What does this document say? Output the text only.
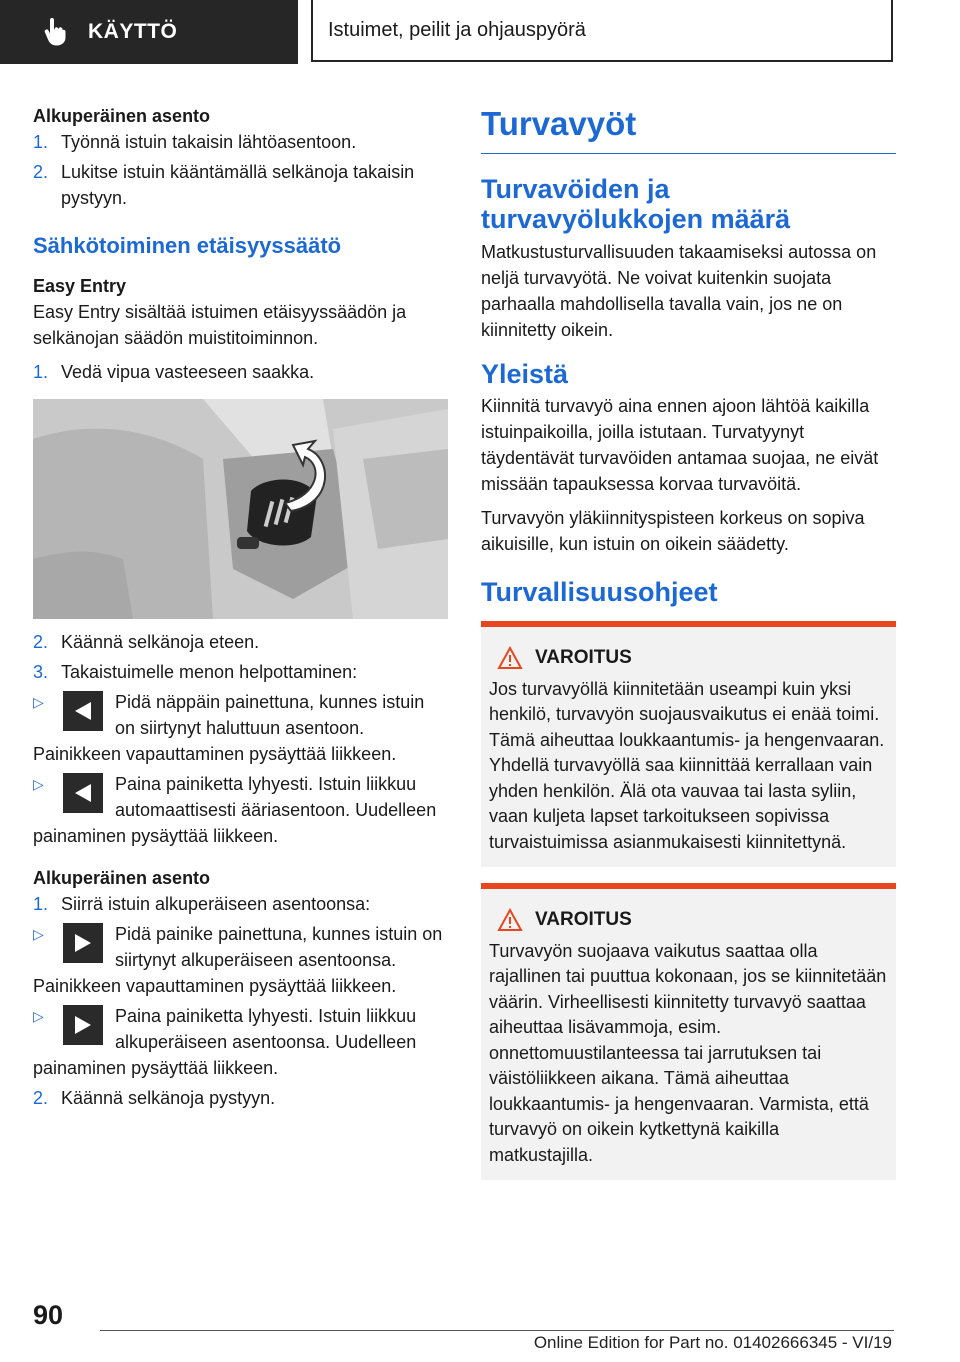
KÄYTTÖ	Istuimet, peilit ja ohjauspyörä

Alkuperäinen asento

1. Työnnä istuin takaisin lähtöasentoon.
2. Lukitse istuin kääntämällä selkänoja takaisin pystyyn.

Sähkötoiminen etäisyyssäätö

Easy Entry

Easy Entry sisältää istuimen etäisyyssäädön ja selkänojan säädön muistitoiminnon.

1. Vedä vipua vasteeseen saakka.
2. Käännä selkänoja eteen.
3. Takaistuimelle menon helpottaminen:
▷	Pidä näppäin painettuna, kunnes istuin on siirtynyt haluttuun asentoon. Painikkeen vapauttaminen pysäyttää liikkeen.
▷	Paina painiketta lyhyesti. Istuin liikkuu automaattisesti ääriasentoon. Uudelleen painaminen pysäyttää liikkeen.

Alkuperäinen asento

1. Siirrä istuin alkuperäiseen asentoonsa:
▷	Pidä painike painettuna, kunnes istuin on siirtynyt alkuperäiseen asentoonsa. Painikkeen vapauttaminen pysäyttää liikkeen.
▷	Paina painiketta lyhyesti. Istuin liikkuu alkuperäiseen asentoonsa. Uudelleen painaminen pysäyttää liikkeen.
2. Käännä selkänoja pystyyn.

Turvavyöt

Turvavöiden ja turvavyölukkojen määrä

Matkustusturvallisuuden takaamiseksi autossa on neljä turvavyötä. Ne voivat kuitenkin suojata parhaalla mahdollisella tavalla vain, jos ne on kiinnitetty oikein.

Yleistä

Kiinnitä turvavyö aina ennen ajoon lähtöä kaikilla istuinpaikoilla, joilla istutaan. Turvatyynyt täydentävät turvavöiden antamaa suojaa, ne eivät missään tapauksessa korvaa turvavöitä.

Turvavyön yläkiinnityspisteen korkeus on sopiva aikuisille, kun istuin on oikein säädetty.

Turvallisuusohjeet

VAROITUS

Jos turvavyöllä kiinnitetään useampi kuin yksi henkilö, turvavyön suojausvaikutus ei enää toimi. Tämä aiheuttaa loukkaantumis- ja hengenvaaran. Yhdellä turvavyöllä saa kiinnittää kerrallaan vain yhden henkilön. Älä ota vauvaa tai lasta syliin, vaan kuljeta lapset tarkoitukseen sopivissa turvaistuimissa asianmukaisesti kiinnitettynä.

VAROITUS

Turvavyön suojaava vaikutus saattaa olla rajallinen tai puuttua kokonaan, jos se kiinnitetään väärin. Virheellisesti kiinnitetty turvavyö saattaa aiheuttaa lisävammoja, esim. onnettomuustilanteessa tai jarrutuksen tai väistöliikkeen aikana. Tämä aiheuttaa loukkaantumis- ja hengenvaaran. Varmista, että turvavyö on oikein kytkettynä kaikilla matkustajilla.

90
Online Edition for Part no. 01402666345 - VI/19
